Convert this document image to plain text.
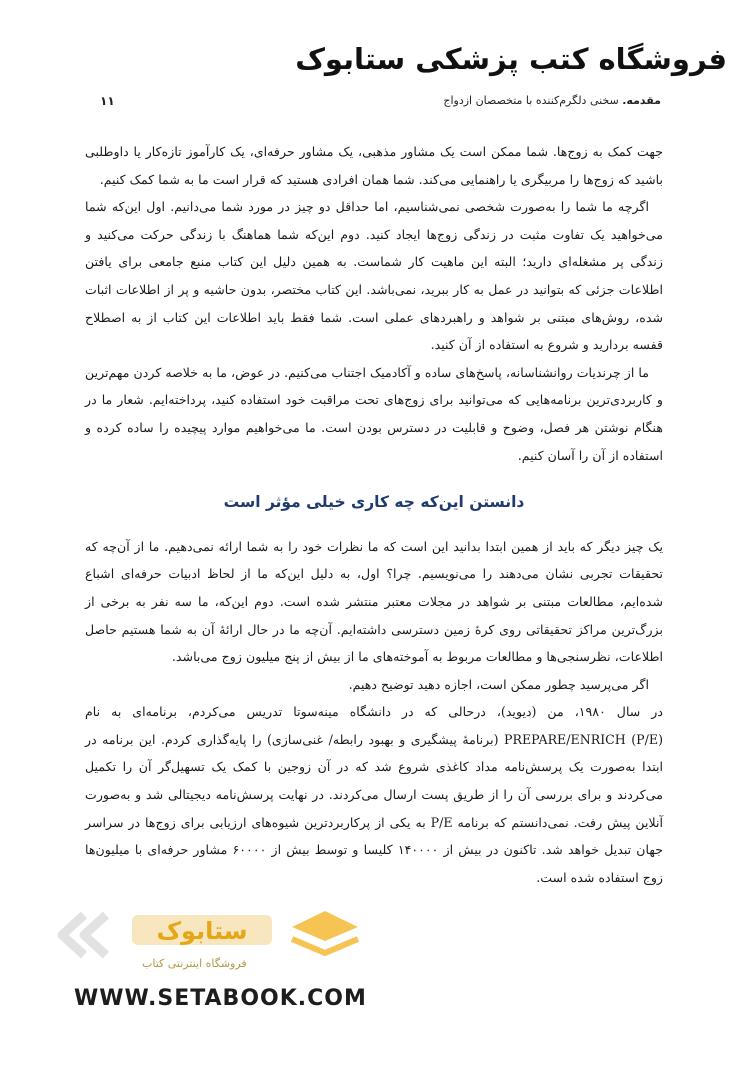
فروشگاه کتب پزشکی ستابوک
مقدمه. سخنی دلگرم‌کننده با متخصصان ازدواج
۱۱

جهت کمک به زوج‌ها. شما ممکن است یک مشاور مذهبی، یک مشاور حرفه‌ای، یک کارآموز تازه‌کار یا داوطلبی باشید که زوج‌ها را مربیگری یا راهنمایی می‌کند. شما همان افرادی هستید که قرار است ما به شما کمک کنیم.

اگرچه ما شما را به‌صورت شخصی نمی‌شناسیم، اما حداقل دو چیز در مورد شما می‌دانیم. اول این‌که شما می‌خواهید یک تفاوت مثبت در زندگی زوج‌ها ایجاد کنید. دوم این‌که شما هماهنگ با زندگی حرکت می‌کنید و زندگی پر مشغله‌ای دارید؛ البته این ماهیت کار شماست. به همین دلیل این کتاب منبع جامعی برای یافتن اطلاعات جزئی که بتوانید در عمل به کار ببرید، نمی‌باشد. این کتاب مختصر، بدون حاشیه و پر از اطلاعات اثبات شده، روش‌های مبتنی بر شواهد و راهبردهای عملی است. شما فقط باید اطلاعات این کتاب از به اصطلاح قفسه بردارید و شروع به استفاده از آن کنید.

ما از چرندیات روانشناسانه، پاسخ‌های ساده و آکادمیک اجتناب می‌کنیم. در عوض، ما به خلاصه کردن مهم‌ترین و کاربردی‌ترین برنامه‌هایی که می‌توانید برای زوج‌های تحت مراقبت خود استفاده کنید، پرداخته‌ایم. شعار ما در هنگام نوشتن هر فصل، وضوح و قابلیت در دسترس بودن است. ما می‌خواهیم موارد پیچیده را ساده کرده و استفاده از آن را آسان کنیم.

دانستن این‌که چه کاری خیلی مؤثر است

یک چیز دیگر که باید از همین ابتدا بدانید این است که ما نظرات خود را به شما ارائه نمی‌دهیم. ما از آن‌چه که تحقیقات تجربی نشان می‌دهند را می‌نویسیم. چرا؟ اول، به دلیل این‌که ما از لحاظ ادبیات حرفه‌ای اشباع شده‌ایم، مطالعات مبتنی بر شواهد در مجلات معتبر منتشر شده است. دوم این‌که، ما سه نفر به برخی از بزرگ‌ترین مراکز تحقیقاتی روی کرهٔ زمین دسترسی داشته‌ایم. آن‌چه ما در حال ارائهٔ آن به شما هستیم حاصل اطلاعات، نظرسنجی‌ها و مطالعات مربوط به آموخته‌های ما از بیش از پنج میلیون زوج می‌باشد.

اگر می‌پرسید چطور ممکن است، اجازه دهید توضیح دهیم.

در سال ۱۹۸۰، من (دیوید)، درحالی که در دانشگاه مینه‌سوتا تدریس می‌کردم، برنامه‌ای به نام PREPARE/ENRICH (P/E) (برنامهٔ پیشگیری و بهبود رابطه/ غنی‌سازی) را پایه‌گذاری کردم. این برنامه در ابتدا به‌صورت یک پرسش‌نامه مداد کاغذی شروع شد که در آن زوجین با کمک یک تسهیل‌گر آن را تکمیل می‌کردند و برای بررسی آن را از طریق پست ارسال می‌کردند. در نهایت پرسش‌نامه دیجیتالی شد و به‌صورت آنلاین پیش رفت. نمی‌دانستم که برنامه P/E به یکی از پرکاربردترین شیوه‌های ارزیابی برای زوج‌ها در سراسر جهان تبدیل خواهد شد. تاکنون در بیش از ۱۴۰۰۰۰ کلیسا و توسط بیش از ۶۰۰۰۰ مشاور حرفه‌ای با میلیون‌ها زوج استفاده شده است.

ستابوک
فروشگاه اینترنتی کتاب
WWW.SETABOOK.COM
